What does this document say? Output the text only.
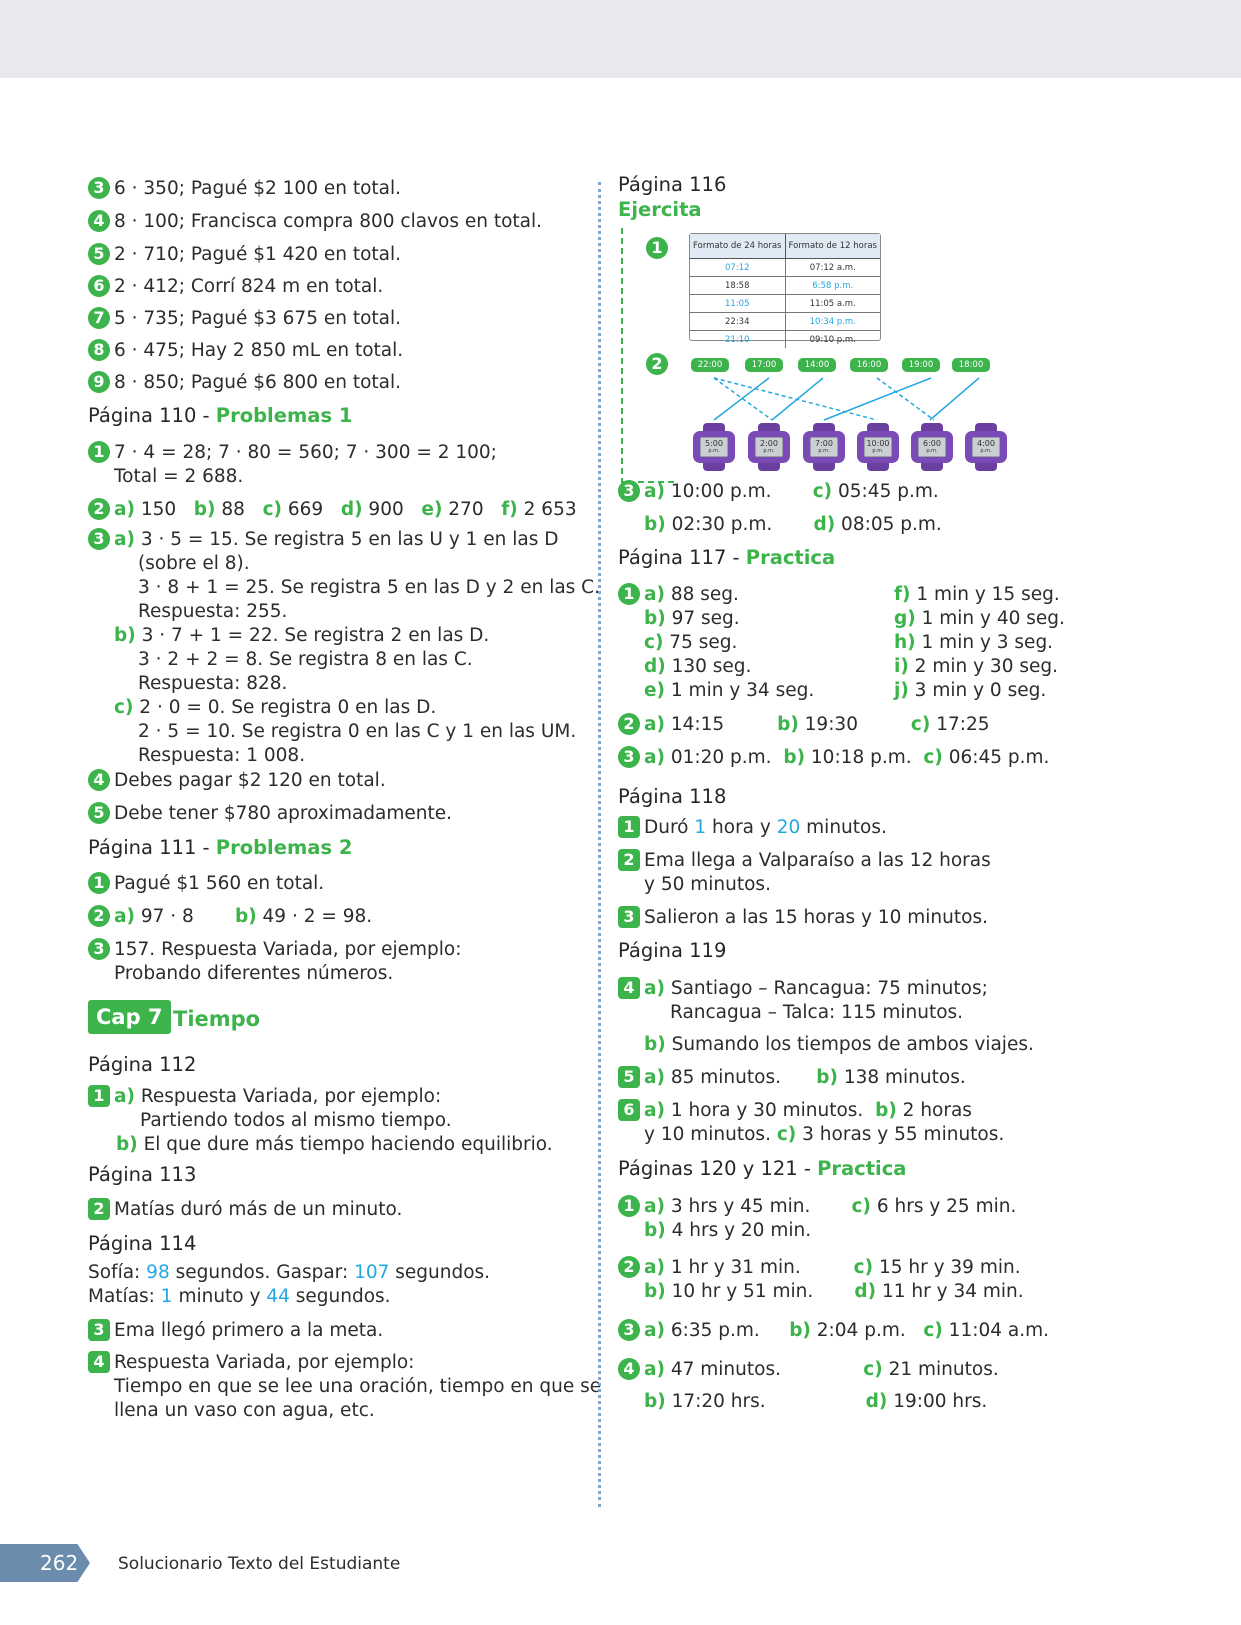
3 6 · 350; Pagué $2 100 en total.
4 8 · 100; Francisca compra 800 clavos en total.
5 2 · 710; Pagué $1 420 en total.
6 2 · 412; Corrí 824 m en total.
7 5 · 735; Pagué $3 675 en total.
8 6 · 475; Hay 2 850 mL en total.
9 8 · 850; Pagué $6 800 en total.
Página 110 - Problemas 1
1 7 · 4 = 28; 7 · 80 = 560; 7 · 300 = 2 100;
Total = 2 688.
2 a) 150   b) 88   c) 669   d) 900   e) 270   f) 2 653
3 a) 3 · 5 = 15. Se registra 5 en las U y 1 en las D
(sobre el 8).
3 · 8 + 1 = 25. Se registra 5 en las D y 2 en las C.
Respuesta: 255.
b) 3 · 7 + 1 = 22. Se registra 2 en las D.
3 · 2 + 2 = 8. Se registra 8 en las C.
Respuesta: 828.
c) 2 · 0 = 0. Se registra 0 en las D.
2 · 5 = 10. Se registra 0 en las C y 1 en las UM.
Respuesta: 1 008.
4 Debes pagar $2 120 en total.
5 Debe tener $780 aproximadamente.
Página 111 - Problemas 2
1 Pagué $1 560 en total.
2 a) 97 · 8       b) 49 · 2 = 98.
3 157. Respuesta Variada, por ejemplo:
Probando diferentes números.
Página 112
1 a) Respuesta Variada, por ejemplo:
Partiendo todos al mismo tiempo.
b) El que dure más tiempo haciendo equilibrio.
Página 113
2 Matías duró más de un minuto.
Página 114
Sofía: 98 segundos. Gaspar: 107 segundos.
Matías: 1 minuto y 44 segundos.
3 Ema llegó primero a la meta.
4 Respuesta Variada, por ejemplo:
Tiempo en que se lee una oración, tiempo en que se
llena un vaso con agua, etc.
Página 116
Ejercita
3 a) 10:00 p.m.       c) 05:45 p.m.
b) 02:30 p.m.       d) 08:05 p.m.
Página 117 - Practica
1 a) 88 seg.
b) 97 seg.
c) 75 seg.
d) 130 seg.
e) 1 min y 34 seg.
f) 1 min y 15 seg.
g) 1 min y 40 seg.
h) 1 min y 3 seg.
i) 2 min y 30 seg.
j) 3 min y 0 seg.
2 a) 14:15         b) 19:30         c) 17:25
3 a) 01:20 p.m.  b) 10:18 p.m.  c) 06:45 p.m.
Página 118
1 Duró 1 hora y 20 minutos.
2 Ema llega a Valparaíso a las 12 horas
y 50 minutos.
3 Salieron a las 15 horas y 10 minutos.
Página 119
4 a) Santiago – Rancagua: 75 minutos;
Rancagua – Talca: 115 minutos.
b) Sumando los tiempos de ambos viajes.
5 a) 85 minutos.      b) 138 minutos.
6 a) 1 hora y 30 minutos.  b) 2 horas
y 10 minutos. c) 3 horas y 55 minutos.
Páginas 120 y 121 - Practica
1 a) 3 hrs y 45 min.       c) 6 hrs y 25 min.
b) 4 hrs y 20 min.
2 a) 1 hr y 31 min.         c) 15 hr y 39 min.
b) 10 hr y 51 min.       d) 11 hr y 34 min.
3 a) 6:35 p.m.     b) 2:04 p.m.   c) 11:04 a.m.
4 a) 47 minutos.              c) 21 minutos.
b) 17:20 hrs.                 d) 19:00 hrs.
Cap 7 Tiempo
1	Formato de 24 horas	Formato de 12 horas
07:12	07:12 a.m.
18:58	6:58 p.m.
11:05	11:05 a.m.
22:34	10:34 p.m.
21:10	09:10 p.m.
2	22:00	17:00	14:00	16:00	19:00	18:00
5:00
p.m.
2:00
p.m.
7:00
p.m.
10:00
p.m.
6:00
p.m.
4:00
p.m.
262 Solucionario Texto del Estudiante
